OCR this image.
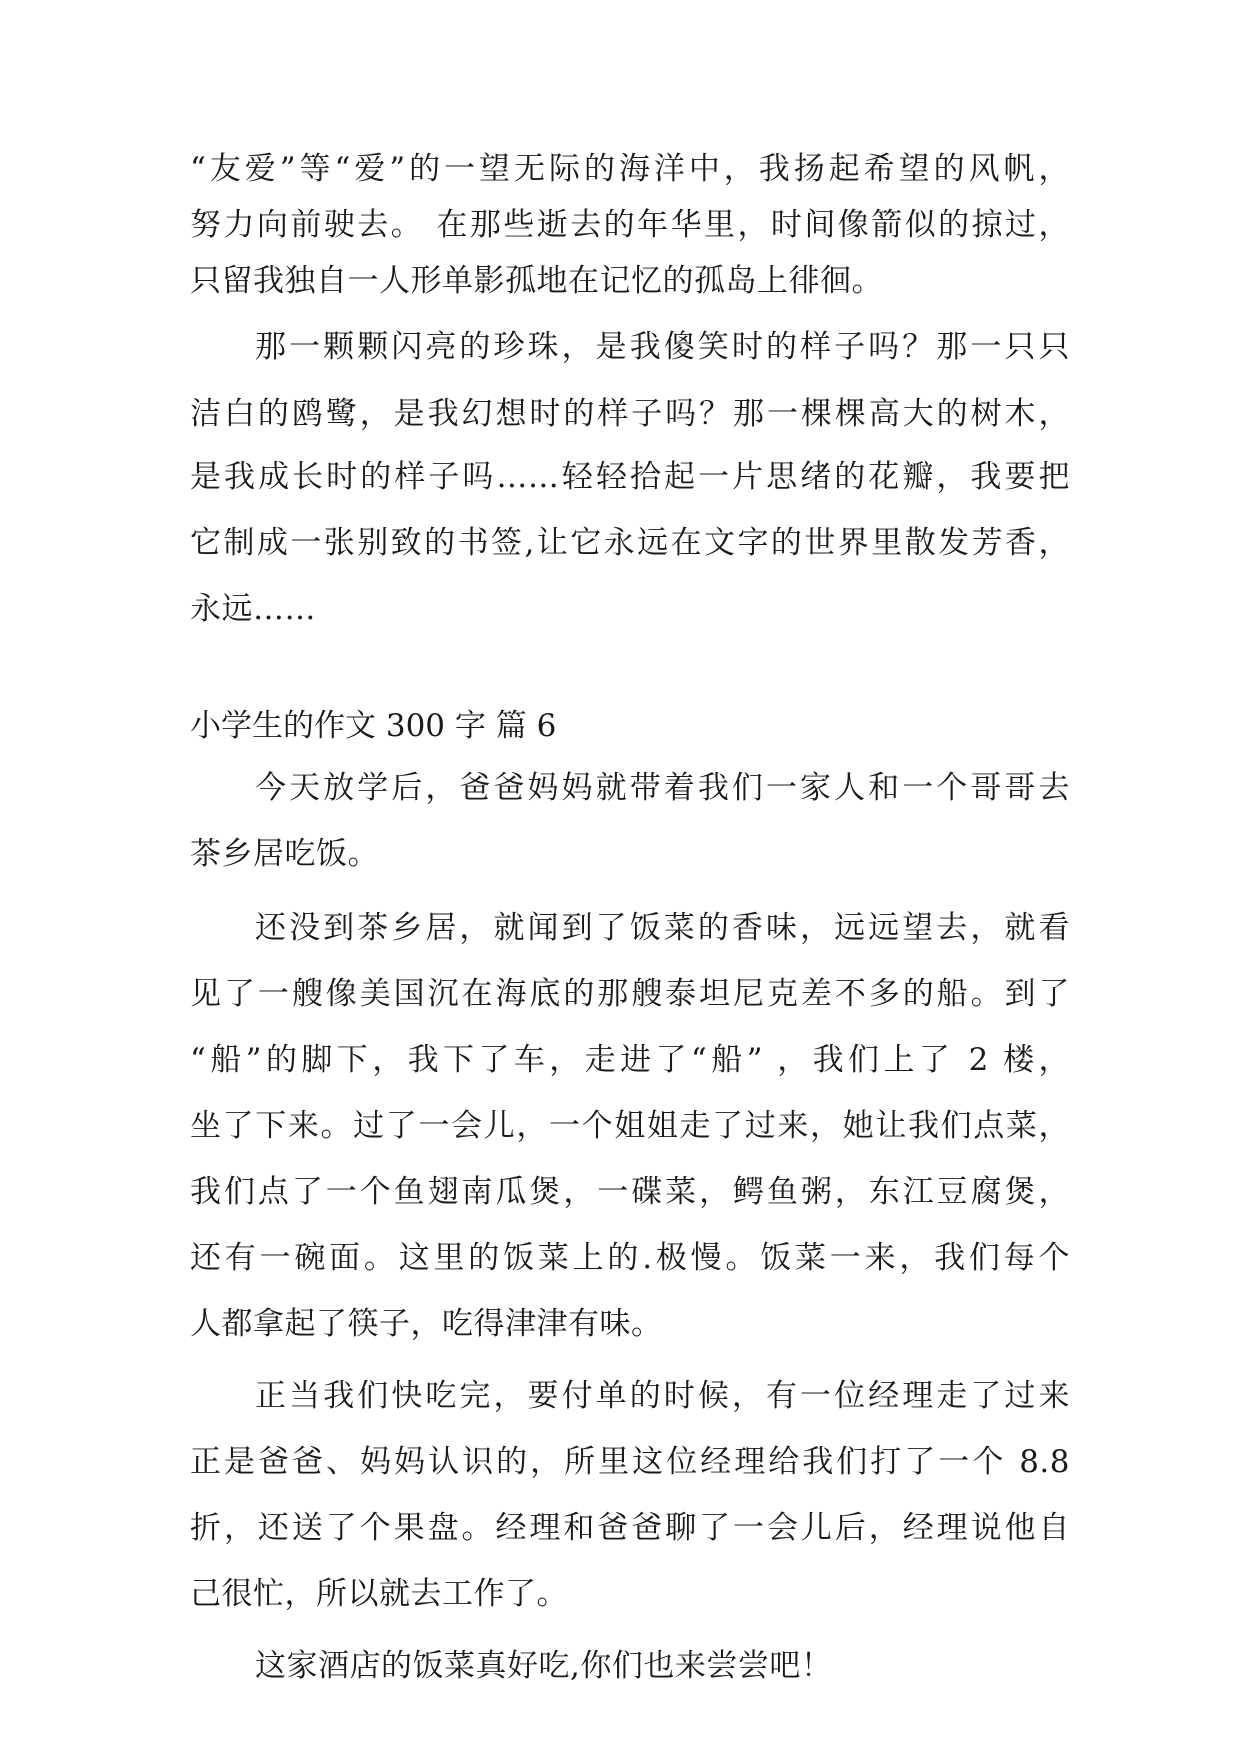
“友爱”等“爱”的一望无际的海洋中，我扬起希望的风帆，
努力向前驶去。 在那些逝去的年华里，时间像箭似的掠过，
只留我独自一人形单影孤地在记忆的孤岛上徘徊。
那一颗颗闪亮的珍珠，是我傻笑时的样子吗？那一只只
洁白的鸥鹭，是我幻想时的样子吗？那一棵棵高大的树木，
是我成长时的样子吗……轻轻拾起一片思绪的花瓣，我要把
它制成一张别致的书签,让它永远在文字的世界里散发芳香，
永远……
小学生的作文 300 字 篇 6
今天放学后，爸爸妈妈就带着我们一家人和一个哥哥去
茶乡居吃饭。
还没到茶乡居，就闻到了饭菜的香味，远远望去，就看
见了一艘像美国沉在海底的那艘泰坦尼克差不多的船。到了
“船”的脚下，我下了车，走进了“船” ，我们上了 2 楼，
坐了下来。过了一会儿，一个姐姐走了过来，她让我们点菜，
我们点了一个鱼翅南瓜煲，一碟菜，鳄鱼粥，东江豆腐煲，
还有一碗面。这里的饭菜上的.极慢。饭菜一来，我们每个
人都拿起了筷子，吃得津津有味。
正当我们快吃完，要付单的时候，有一位经理走了过来
正是爸爸、妈妈认识的，所里这位经理给我们打了一个 8.8
折，还送了个果盘。经理和爸爸聊了一会儿后，经理说他自
己很忙，所以就去工作了。
这家酒店的饭菜真好吃,你们也来尝尝吧！
